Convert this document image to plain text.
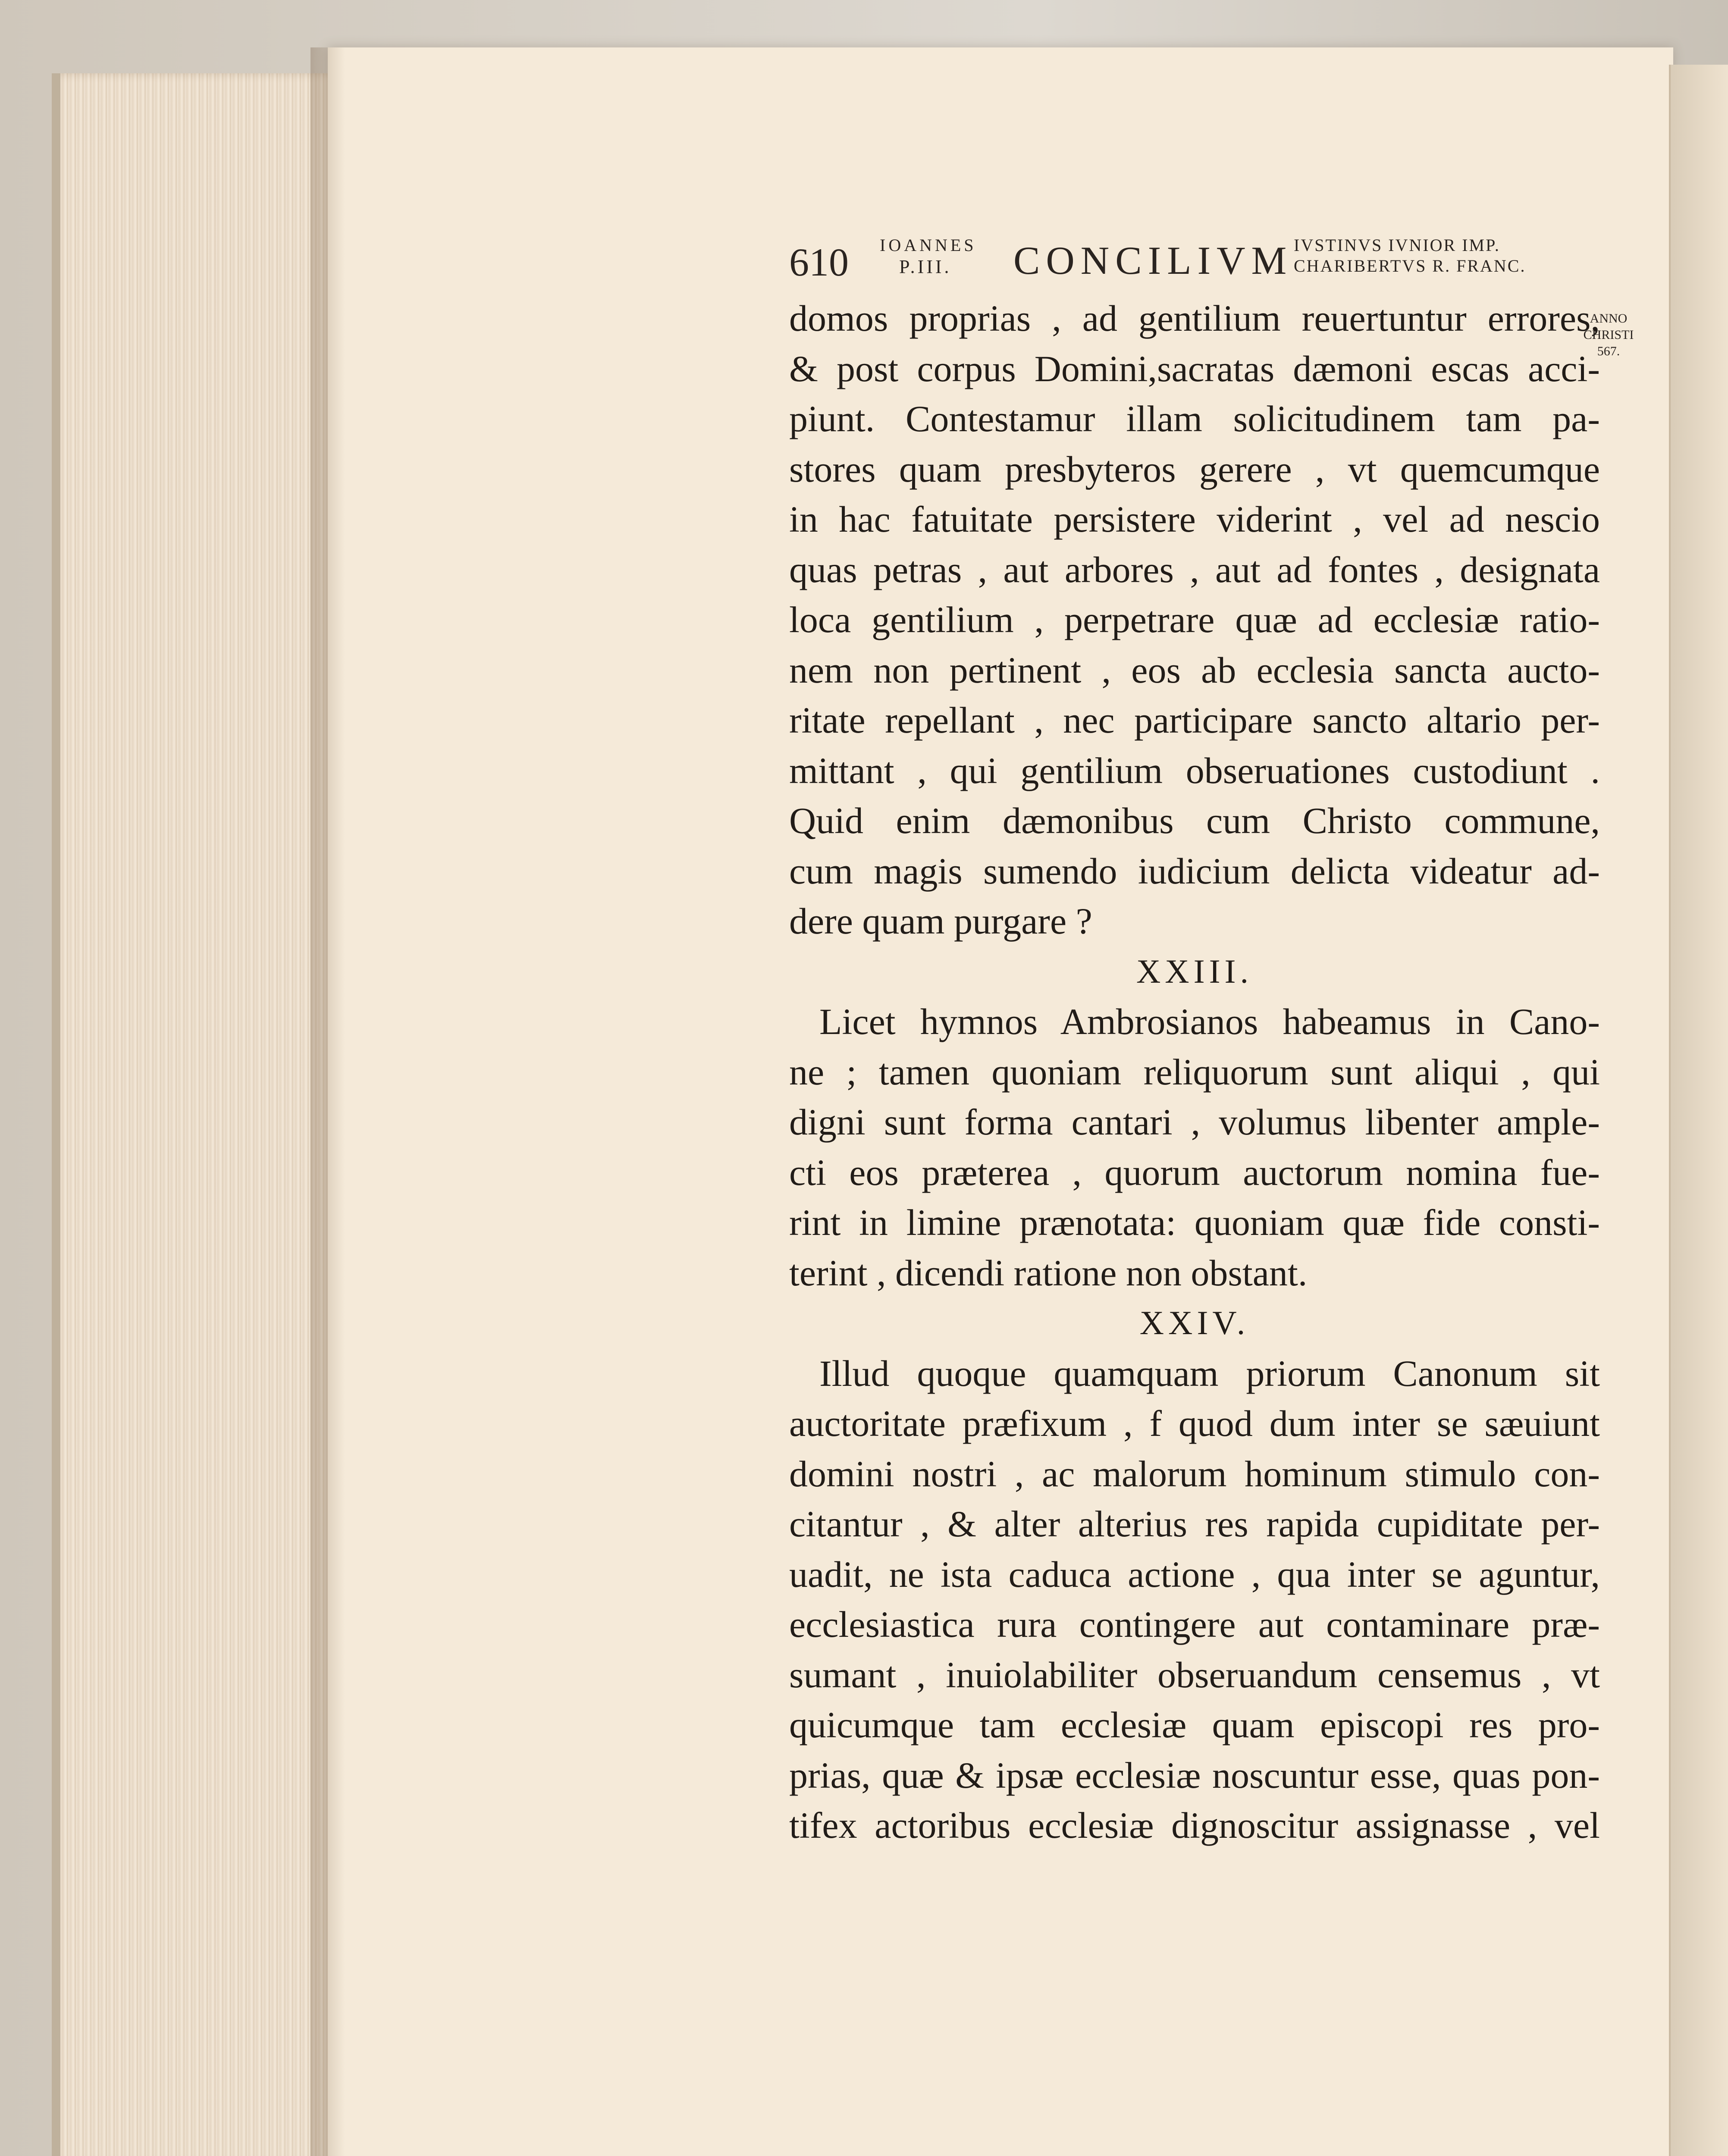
610 IOANNES
P.III. CONCILIVM IVSTINVS IVNIOR IMP.
CHARIBERTVS R. FRANC.
ANNO
CHRISTI
567.
domos proprias , ad gentilium reuertuntur errores,
& post corpus Domini,sacratas dæmoni escas acci-
piunt. Contestamur illam solicitudinem tam pa-
stores quam presbyteros gerere , vt quemcumque
in hac fatuitate persistere viderint , vel ad nescio
quas petras , aut arbores , aut ad fontes , designata
loca gentilium , perpetrare quæ ad ecclesiæ ratio-
nem non pertinent , eos ab ecclesia sancta aucto-
ritate repellant , nec participare sancto altario per-
mittant , qui gentilium obseruationes custodiunt .
Quid enim dæmonibus cum Christo commune,
cum magis sumendo iudicium delicta videatur ad-
dere quam purgare ?
XXIII.
Licet hymnos Ambrosianos habeamus in Cano-
ne ; tamen quoniam reliquorum sunt aliqui , qui
digni sunt forma cantari , volumus libenter ample-
cti eos præterea , quorum auctorum nomina fue-
rint in limine prænotata: quoniam quæ fide consti-
terint , dicendi ratione non obstant.
XXIV.
Illud quoque quamquam priorum Canonum sit
auctoritate præfixum , f quod dum inter se sæuiunt
domini nostri , ac malorum hominum stimulo con-
citantur , & alter alterius res rapida cupiditate per-
uadit, ne ista caduca actione , qua inter se aguntur,
ecclesiastica rura contingere aut contaminare præ-
sumant , inuiolabiliter obseruandum censemus , vt
quicumque tam ecclesiæ quam episcopi res pro-
prias, quæ & ipsæ ecclesiæ noscuntur esse, quas pon-
tifex actoribus ecclesiæ dignoscitur assignasse , vel
